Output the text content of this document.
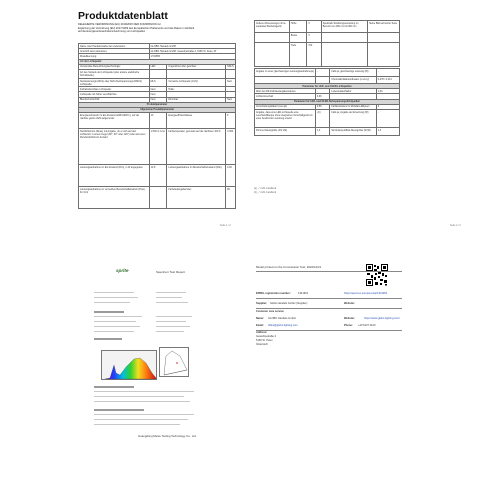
Produktdatenblatt
DELEGIERTE VERORDNUNG (EU) 2019/2015 DER KOMMISSION zur
Ergänzung der Verordnung (EU) 2017/1369 des Europäischen Parlaments und des Rates im Hinblick
auf die Energieverbrauchskennzeichnung von Lichtquellen
Name oder Handelsmarke des Lieferanten:	GLOBO Handels GmbH		
Anschrift des Lieferanten:	GLOBO Handels GmbH, Gewerbestraße 2, 5166 St. Peter, AT		
Modellkennung:	1734655		
Art der Lichtquelle:			
Verwendete Beleuchtungstechnologie:	LED	Ungerichtet oder gerichtet:	NDLS
Art des Sockels der Lichtquelle (oder andere elektrische Schnittstelle):			
Netzspannungs-(MLS) oder Nicht-Netzspannungs-(NMLS) Lichtquelle:	MLS	Vernetzte Lichtquelle (CLS):	Nein
Farbabstimmbare Lichtquelle:	Nein	Hülle:	-
Lichtquelle mit hoher Leuchtdichte:	Nein		
Blendschutzschild:	Nein	Dimmbar:	Nein
Produktparameter			
Allgemeine Produktparameter			
Energieverbrauch im Ein-Zustand (kWh/1000 h), auf die nächste ganze Zahl aufgerundet	13	Energieeffizienzklasse	F
Nutzlichtstrom (Φuse) mit Angabe, ob er sich auf den Lichtstrom in einem Kegel (60°, 90° oder 120°) oder auf einen Rundumlichtstrom bezieht	1 800 in rund	Farbtemperatur, gerundet auf die nächsten 100 K	3 000
Leistungsaufnahme im Ein-Zustand (Pon), in W angegeben	12,8	Leistungsaufnahme im Bereitschaftszustand (Psb)	0,00
Leistungsaufnahme im vernetzten Bereitschaftsbetrieb (Pnet) für CLS	-	Farbwiedergabeindex	80
Seite 1 / 2
Äußere Abmessungen ohne separates Betriebsgerät	Höhe	3	Spektrale Strahlungsverteilung im Bereich von 250 nm bis 800 nm	Siehe Bild auf letzter Seite
	Breite	3		
	Tiefe	470		
Angabe zu einer gleichwertigen Leistungsaufnahme(a)	-	Falls ja, gleichwertige Leistung (W)	-
		Chromatizitätskoordinaten (x und y)	0,478 / 0,413
Parameter für LED- und OLED-Lichtquellen			
Wert des R9-Farbwiedergabeindexes	-	Lebensdauerfaktor	1,00
Lichtstromerhalt	0,96		
Parameter für LED- und OLED-Netzspannungslichtquellen			
Verschiebungsfaktor (cos φ1)	0,56	Farbkonsistenz in McAdam-Ellipsen	6
Angabe, dass eine LED-Lichtquelle eine Leuchtstofflampe ohne integriertes Vorschaltgerät mit einer bestimmten Leistung ersetzt	-(b)	Falls ja, Angabe der Ersetzung (W)	-
Flimmer-Messgröße (Pst LM)	1,0	Stroboskop-Effekt-Messgröße (SVM)	1,3
(a) „-" nicht zutreffend
(b) „-" nicht zutreffend
Seite 2 / 2
sprite	Spectrum Test Report
Guangdong Mexie Testing Technology Co., Ltd
Model printed on the Commission Test: 2022/12/21
EPREL registration number:	1341951	https://eprel.ec.europa.eu/qr/1341951
Supplier: Globo Handels GmbH (Supplier)	Website:
Customer care service
Name: GLOBO Handels GmbH	Website:	https://www.globo-lighting.com/
Email: office@globo-lighting.com	Phone: +43 6137 2100
Address:
Gewerbestraße 2
5166 St. Peter
Österreich
